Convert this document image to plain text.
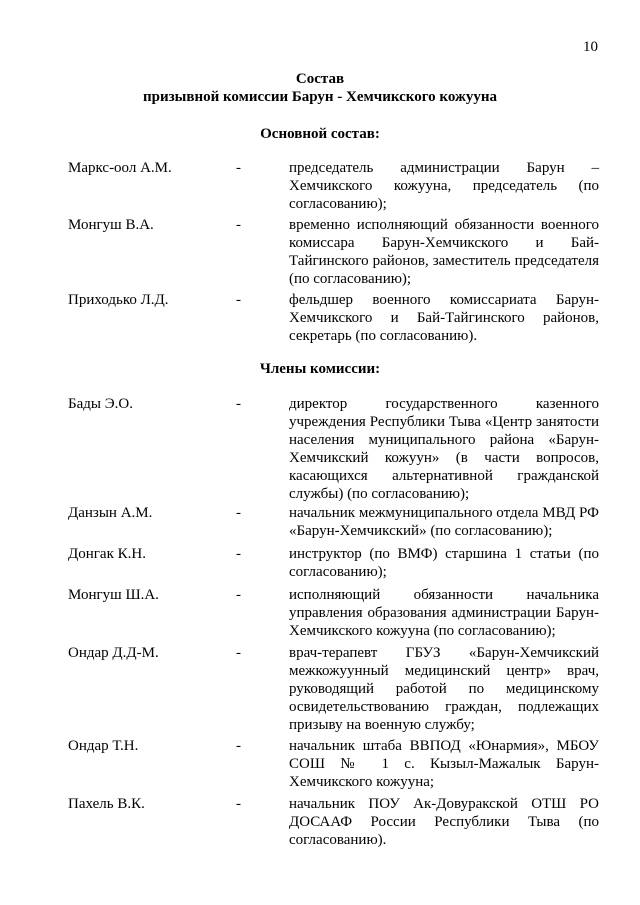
10
Состав
призывной комиссии Барун - Хемчикского кожууна
Основной состав:
Маркс-оол А.М.	-	председатель администрации Барун – Хемчикского кожууна, председатель (по согласованию);
Монгуш В.А.	-	временно исполняющий обязанности военного комиссара Барун-Хемчикского и Бай-Тайгинского районов, заместитель председателя (по согласованию);
Приходько Л.Д.	-	фельдшер военного комиссариата Барун-Хемчикского и Бай-Тайгинского районов, секретарь (по согласованию).
Члены комиссии:
Бады Э.О.	-	директор государственного казенного учреждения Республики Тыва «Центр занятости населения муниципального района «Барун-Хемчикский кожуун» (в части вопросов, касающихся альтернативной гражданской службы) (по согласованию);
Данзын А.М.	-	начальник межмуниципального отдела МВД РФ «Барун-Хемчикский» (по согласованию);
Донгак К.Н.	-	инструктор (по ВМФ) старшина 1 статьи (по согласованию);
Монгуш Ш.А.	-	исполняющий обязанности начальника управления образования администрации Барун-Хемчикского кожууна (по согласованию);
Ондар Д.Д-М.	-	врач-терапевт ГБУЗ «Барун-Хемчикский межкожуунный медицинский центр» врач, руководящий работой по медицинскому освидетельствованию граждан, подлежащих призыву на военную службу;
Ондар Т.Н.	-	начальник штаба ВВПОД «Юнармия», МБОУ СОШ № 1 с. Кызыл-Мажалык Барун-Хемчикского кожууна;
Пахель В.К.	-	начальник ПОУ Ак-Довуракской ОТШ РО ДОСААФ России Республики Тыва (по согласованию).
